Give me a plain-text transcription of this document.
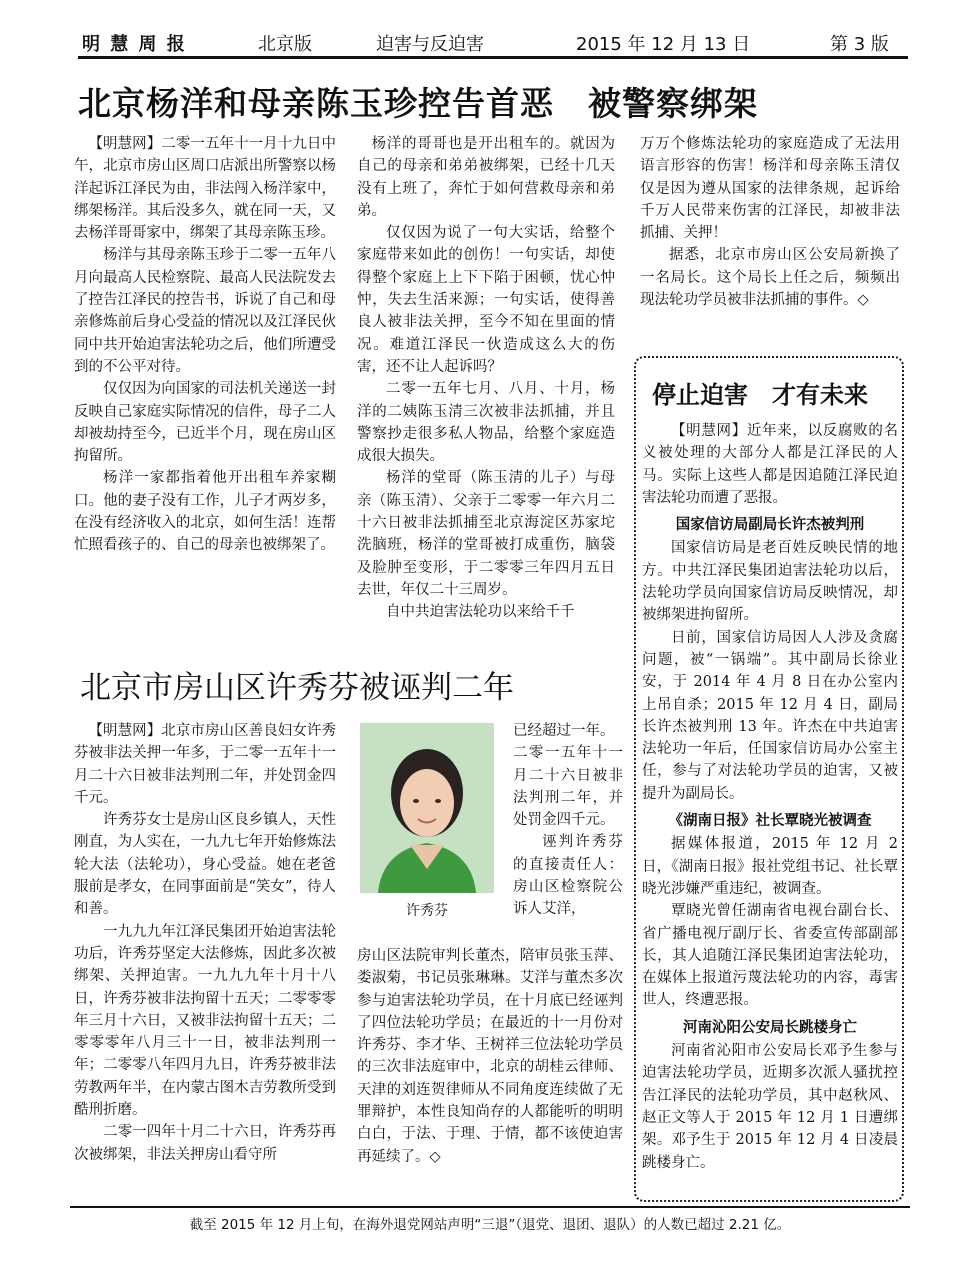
明 慧 周 报	北京版	迫害与反迫害	2015 年 12 月 13 日	第 3 版
北京杨洋和母亲陈玉珍控告首恶　被警察绑架

【明慧网】二零一五年十一月十九日中午，北京市房山区周口店派出所警察以杨洋起诉江泽民为由，非法闯入杨洋家中，绑架杨洋。其后没多久，就在同一天，又去杨洋哥哥家中，绑架了其母亲陈玉珍。

杨洋与其母亲陈玉珍于二零一五年八月向最高人民检察院、最高人民法院发去了控告江泽民的控告书，诉说了自己和母亲修炼前后身心受益的情况以及江泽民伙同中共开始迫害法轮功之后，他们所遭受到的不公平对待。

仅仅因为向国家的司法机关递送一封反映自己家庭实际情况的信件，母子二人却被劫持至今，已近半个月，现在房山区拘留所。

杨洋一家都指着他开出租车养家糊口。他的妻子没有工作，儿子才两岁多，在没有经济收入的北京，如何生活！连帮忙照看孩子的、自己的母亲也被绑架了。

杨洋的哥哥也是开出租车的。就因为自己的母亲和弟弟被绑架，已经十几天没有上班了，奔忙于如何营救母亲和弟弟。

仅仅因为说了一句大实话，给整个家庭带来如此的创伤！一句实话，却使得整个家庭上上下下陷于困顿，忧心忡忡，失去生活来源；一句实话，使得善良人被非法关押，至今不知在里面的情况。难道江泽民一伙造成这么大的伤害，还不让人起诉吗？

二零一五年七月、八月、十月，杨洋的二姨陈玉清三次被非法抓捕，并且警察抄走很多私人物品，给整个家庭造成很大损失。

杨洋的堂哥（陈玉清的儿子）与母亲（陈玉清）、父亲于二零零一年六月二十六日被非法抓捕至北京海淀区苏家坨洗脑班，杨洋的堂哥被打成重伤，脑袋及脸肿至变形，于二零零三年四月五日去世，年仅二十三周岁。

自中共迫害法轮功以来给千千

万万个修炼法轮功的家庭造成了无法用语言形容的伤害！杨洋和母亲陈玉清仅仅是因为遵从国家的法律条规，起诉给千万人民带来伤害的江泽民，却被非法抓捕、关押！

据悉，北京市房山区公安局新换了一名局长。这个局长上任之后，频频出现法轮功学员被非法抓捕的事件。◇

北京市房山区许秀芬被诬判二年

【明慧网】北京市房山区善良妇女许秀芬被非法关押一年多，于二零一五年十一月二十六日被非法判刑二年，并处罚金四千元。

许秀芬女士是房山区良乡镇人，天性刚直，为人实在，一九九七年开始修炼法轮大法（法轮功），身心受益。她在老爸服前是孝女，在同事面前是“笑女”，待人和善。

一九九九年江泽民集团开始迫害法轮功后，许秀芬坚定大法修炼，因此多次被绑架、关押迫害。一九九九年十月十八日，许秀芬被非法拘留十五天；二零零零年三月十六日，又被非法拘留十五天；二零零零年八月三十一日，被非法判刑一年；二零零八年四月九日，许秀芬被非法劳教两年半，在内蒙古图木吉劳教所受到酷刑折磨。

二零一四年十月二十六日，许秀芬再次被绑架，非法关押房山看守所

许秀芬

已经超过一年。

二零一五年十一月二十六日被非法判刑二年，并处罚金四千元。

诬判许秀芬的直接责任人：房山区检察院公诉人艾洋，

房山区法院审判长董杰，陪审员张玉萍、娄淑菊，书记员张琳琳。艾洋与董杰多次参与迫害法轮功学员，在十月底已经诬判了四位法轮功学员；在最近的十一月份对许秀芬、李才华、王树祥三位法轮功学员的三次非法庭审中，北京的胡桂云律师、天津的刘连贺律师从不同角度连续做了无罪辩护，本性良知尚存的人都能听的明明白白，于法、于理、于情，都不该使迫害再延续了。◇

停止迫害　才有未来

【明慧网】近年来，以反腐败的名义被处理的大部分人都是江泽民的人马。实际上这些人都是因追随江泽民迫害法轮功而遭了恶报。

国家信访局副局长许杰被判刑

国家信访局是老百姓反映民情的地方。中共江泽民集团迫害法轮功以后，法轮功学员向国家信访局反映情况，却被绑架进拘留所。

日前，国家信访局因人人涉及贪腐问题，被“一锅端”。其中副局长徐业安，于 2014 年 4 月 8 日在办公室内上吊自杀；2015 年 12 月 4 日，副局长许杰被判刑 13 年。许杰在中共迫害法轮功一年后，任国家信访局办公室主任，参与了对法轮功学员的迫害，又被提升为副局长。

《湖南日报》社长覃晓光被调查

据媒体报道，2015 年 12 月 2 日，《湖南日报》报社党组书记、社长覃晓光涉嫌严重违纪，被调查。

覃晓光曾任湖南省电视台副台长、省广播电视厅副厅长、省委宣传部副部长，其人追随江泽民集团迫害法轮功，在媒体上报道污蔑法轮功的内容，毒害世人，终遭恶报。

河南沁阳公安局长跳楼身亡

河南省沁阳市公安局长邓予生参与迫害法轮功学员，近期多次派人骚扰控告江泽民的法轮功学员，其中赵秋风、赵正文等人于 2015 年 12 月 1 日遭绑架。邓予生于 2015 年 12 月 4 日凌晨跳楼身亡。

截至 2015 年 12 月上旬，在海外退党网站声明“三退”（退党、退团、退队）的人数已超过 2.21 亿。
